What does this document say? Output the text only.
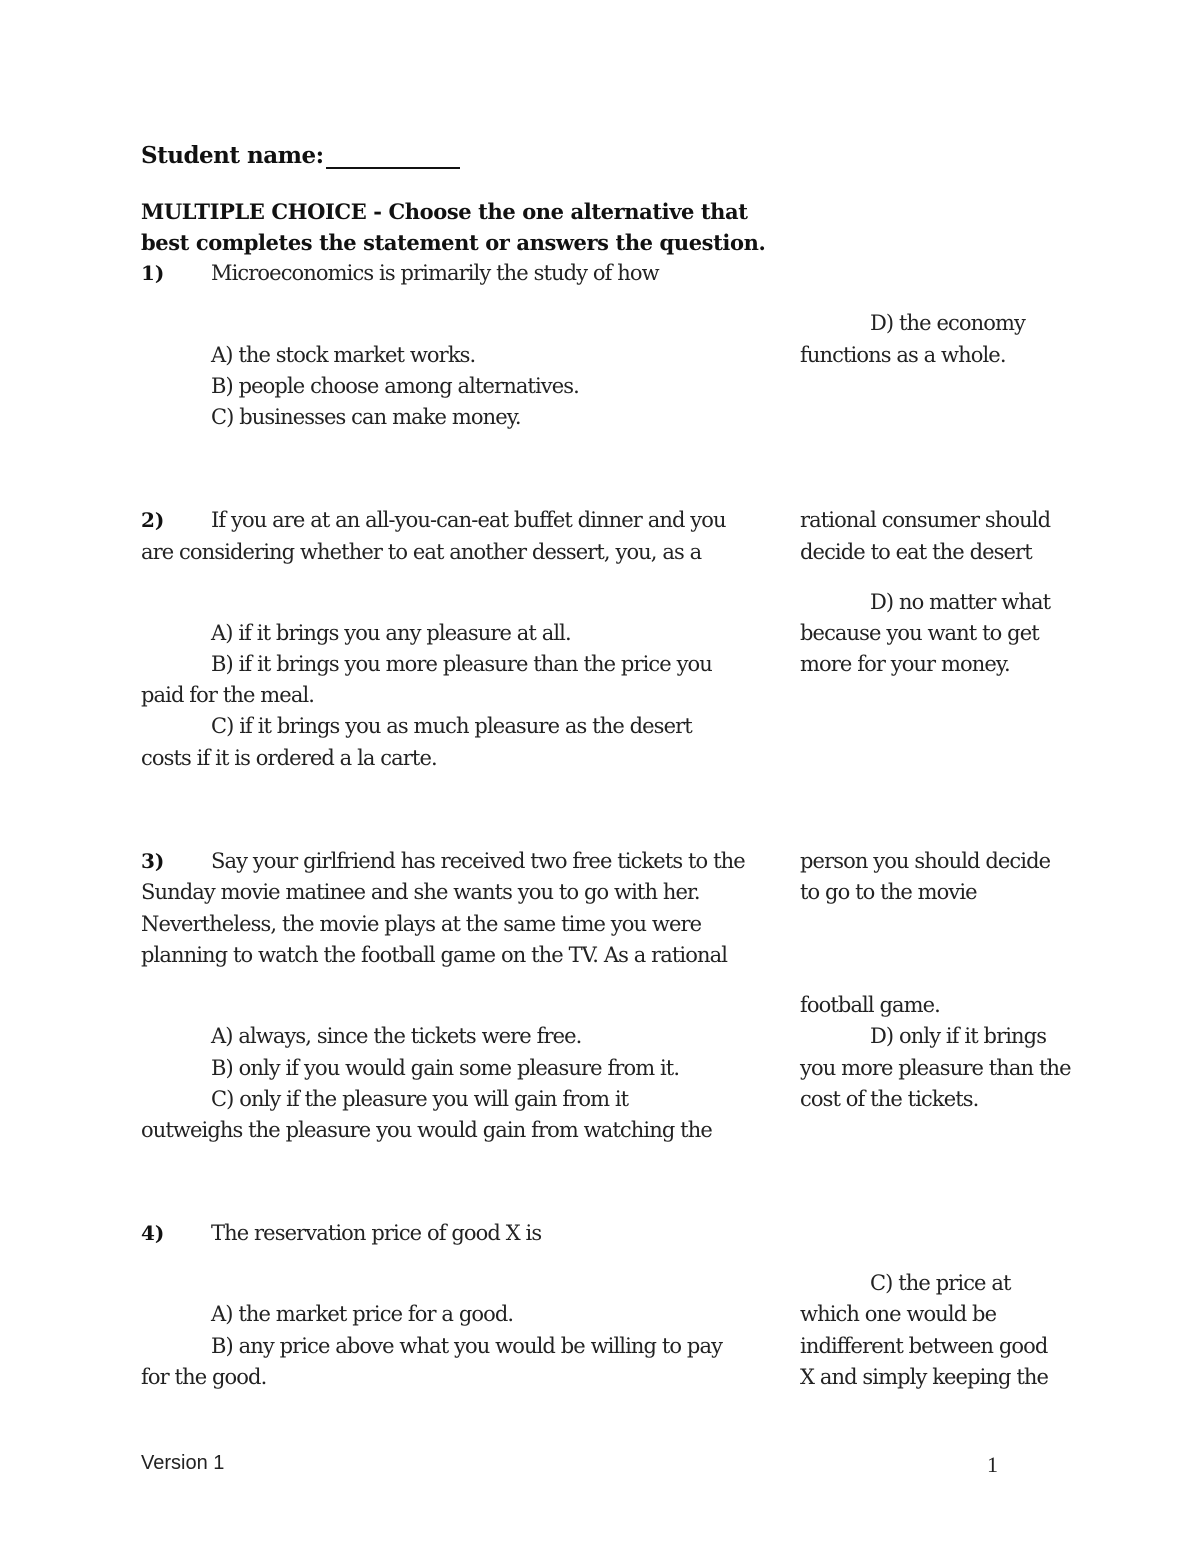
Student name:
MULTIPLE CHOICE - Choose the one alternative that
best completes the statement or answers the question.
1) Microeconomics is primarily the study of how
D) the economy
A) the stock market works.	functions as a whole.
B) people choose among alternatives.
C) businesses can make money.
2) If you are at an all-you-can-eat buffet dinner and you	rational consumer should
are considering whether to eat another dessert, you, as a	decide to eat the desert
D) no matter what
A) if it brings you any pleasure at all.	because you want to get
B) if it brings you more pleasure than the price you	more for your money.
paid for the meal.
C) if it brings you as much pleasure as the desert
costs if it is ordered a la carte.
3) Say your girlfriend has received two free tickets to the	person you should decide
Sunday movie matinee and she wants you to go with her.	to go to the movie
Nevertheless, the movie plays at the same time you were
planning to watch the football game on the TV. As a rational
football game.
A) always, since the tickets were free.	D) only if it brings
B) only if you would gain some pleasure from it.	you more pleasure than the
C) only if the pleasure you will gain from it	cost of the tickets.
outweighs the pleasure you would gain from watching the
4) The reservation price of good X is
C) the price at
A) the market price for a good.	which one would be
B) any price above what you would be willing to pay	indifferent between good
for the good.	X and simply keeping the
Version 1	1
